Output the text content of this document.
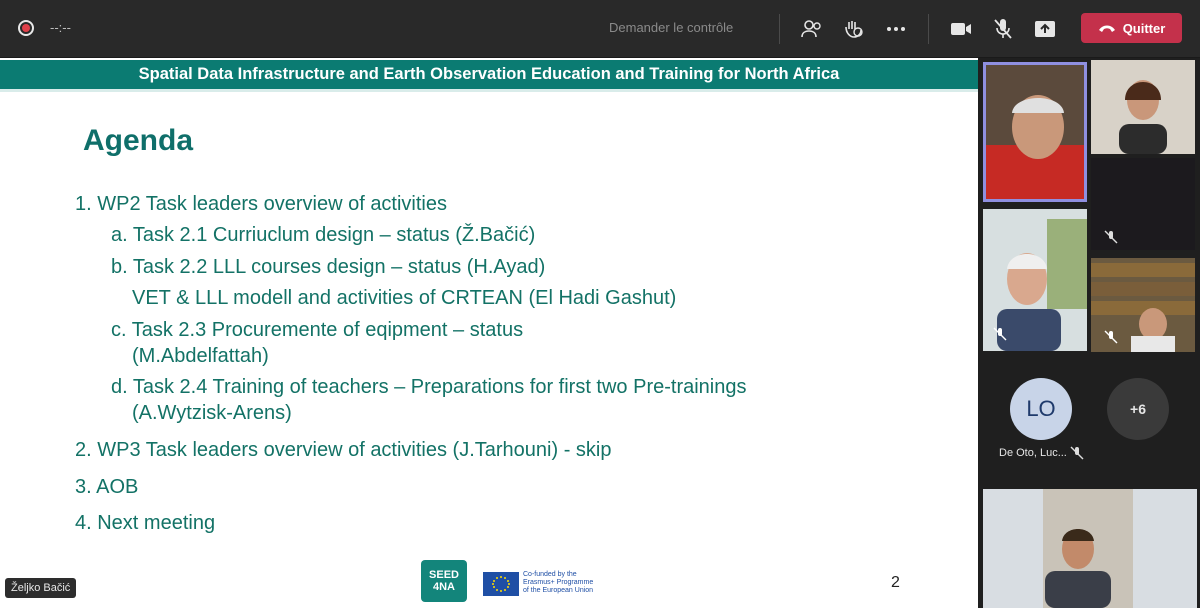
--:--	Demander le contrôle	Quitter
Spatial Data Infrastructure and Earth Observation Education and Training for North Africa
Agenda
1. WP2 Task leaders overview of activities
a. Task 2.1 Curriuclum design – status (Ž.Bačić)
b. Task 2.2 LLL courses design – status (H.Ayad)
VET & LLL modell and activities of CRTEAN (El Hadi Gashut)
c. Task 2.3 Procuremente of eqipment – status
(M.Abdelfattah)
d. Task 2.4 Training of teachers – Preparations for first two Pre-trainings
(A.Wytzisk-Arens)
2. WP3 Task leaders overview of activities (J.Tarhouni) - skip
3. AOB
4. Next meeting
SEED
4NA
Co-funded by the
Erasmus+ Programme
of the European Union	2
Željko Bačić
LO	+6
De Oto, Luc...
